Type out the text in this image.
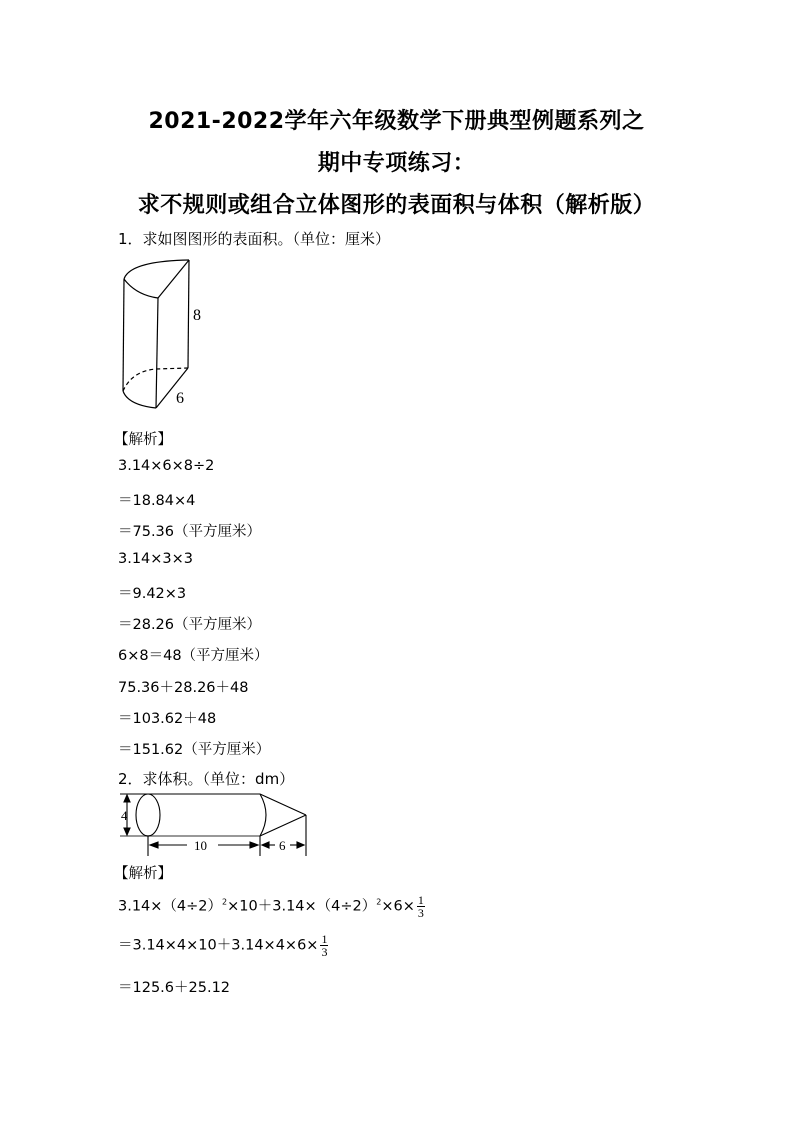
2021-2022学年六年级数学下册典型例题系列之
期中专项练习：
求不规则或组合立体图形的表面积与体积（解析版）
1．求如图图形的表面积。（单位：厘米）
8
6
【解析】
3.14×6×8÷2
＝18.84×4
＝75.36（平方厘米）
3.14×3×3
＝9.42×3
＝28.26（平方厘米）
6×8＝48（平方厘米）
75.36＋28.26＋48
＝103.62＋48
＝151.62（平方厘米）
2．求体积。（单位：dm）
4
10	6
【解析】
$3.14\times(4\div 2)^2\times 10+3.14\times(4\div 2)^2\times 6\times \frac{1}{3}$
$=3.14\times 4\times 10+3.14\times 4\times 6\times \frac{1}{3}$
＝125.6＋25.12
